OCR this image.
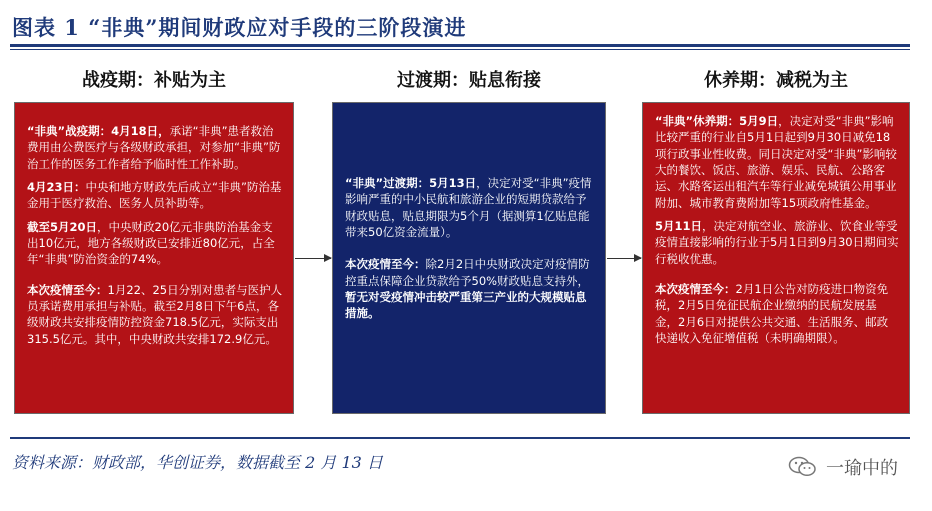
图表 1 “非典”期间财政应对手段的三阶段演进
战疫期：补贴为主	过渡期：贴息衔接	休养期：减税为主

“非典”战疫期：4月18日，承诺“非典”患者救治费用由公费医疗与各级财政承担，对参加“非典”防治工作的医务工作者给予临时性工作补助。

4月23日：中央和地方财政先后成立“非典”防治基金用于医疗救治、医务人员补助等。

截至5月20日，中央财政20亿元非典防治基金支出10亿元，地方各级财政已安排近80亿元，占全年“非典”防治资金的74%。

本次疫情至今：1月22、25日分别对患者与医护人员承诺费用承担与补贴。截至2月8日下午6点，各级财政共安排疫情防控资金718.5亿元，实际支出315.5亿元。其中，中央财政共安排172.9亿元。

“非典”过渡期：5月13日，决定对受“非典”疫情影响严重的中小民航和旅游企业的短期贷款给予财政贴息，贴息期限为5个月（据测算1亿贴息能带来50亿资金流量）。

本次疫情至今：除2月2日中央财政决定对疫情防控重点保障企业贷款给予50%财政贴息支持外，暂无对受疫情冲击较严重第三产业的大规模贴息措施。

“非典”休养期：5月9日，决定对受“非典”影响比较严重的行业自5月1日起到9月30日减免18项行政事业性收费。同日决定对受“非典”影响较大的餐饮、饭店、旅游、娱乐、民航、公路客运、水路客运出租汽车等行业减免城镇公用事业附加、城市教育费附加等15项政府性基金。

5月11日，决定对航空业、旅游业、饮食业等受疫情直接影响的行业于5月1日到9月30日期间实行税收优惠。

本次疫情至今：2月1日公告对防疫进口物资免税，2月5日免征民航企业缴纳的民航发展基金，2月6日对提供公共交通、生活服务、邮政快递收入免征增值税（未明确期限）。

资料来源：财政部，华创证券，数据截至 2 月 13 日	一瑜中的
